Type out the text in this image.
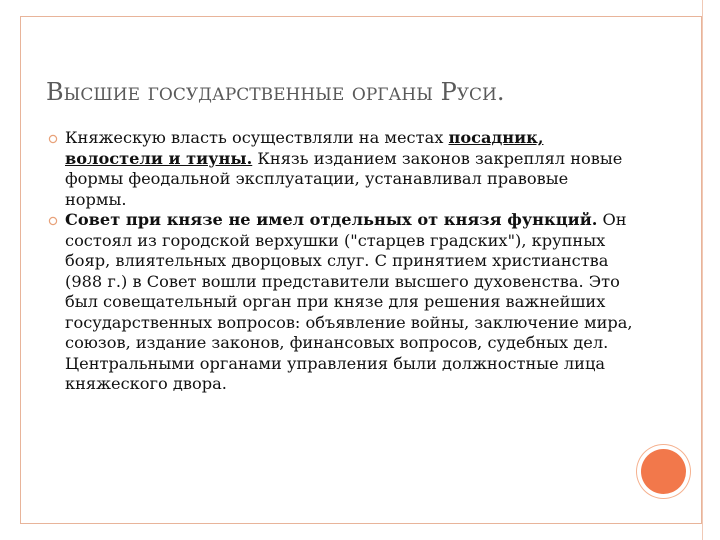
Высшие государственные органы Руси.
Княжескую власть осуществляли на местах посадник, волостели и тиуны. Князь изданием законов закреплял новые формы феодальной эксплуатации, устанавливал правовые нормы.
Совет при князе не имел отдельных от князя функций. Он состоял из городской верхушки ("старцев градских"), крупных бояр, влиятельных дворцовых слуг. С принятием христианства (988 г.) в Совет вошли представители высшего духовенства. Это был совещательный орган при князе для решения важнейших государственных вопросов: объявление войны, заключение мира, союзов, издание законов, финансовых вопросов, судебных дел. Центральными органами управления были должностные лица княжеского двора.
